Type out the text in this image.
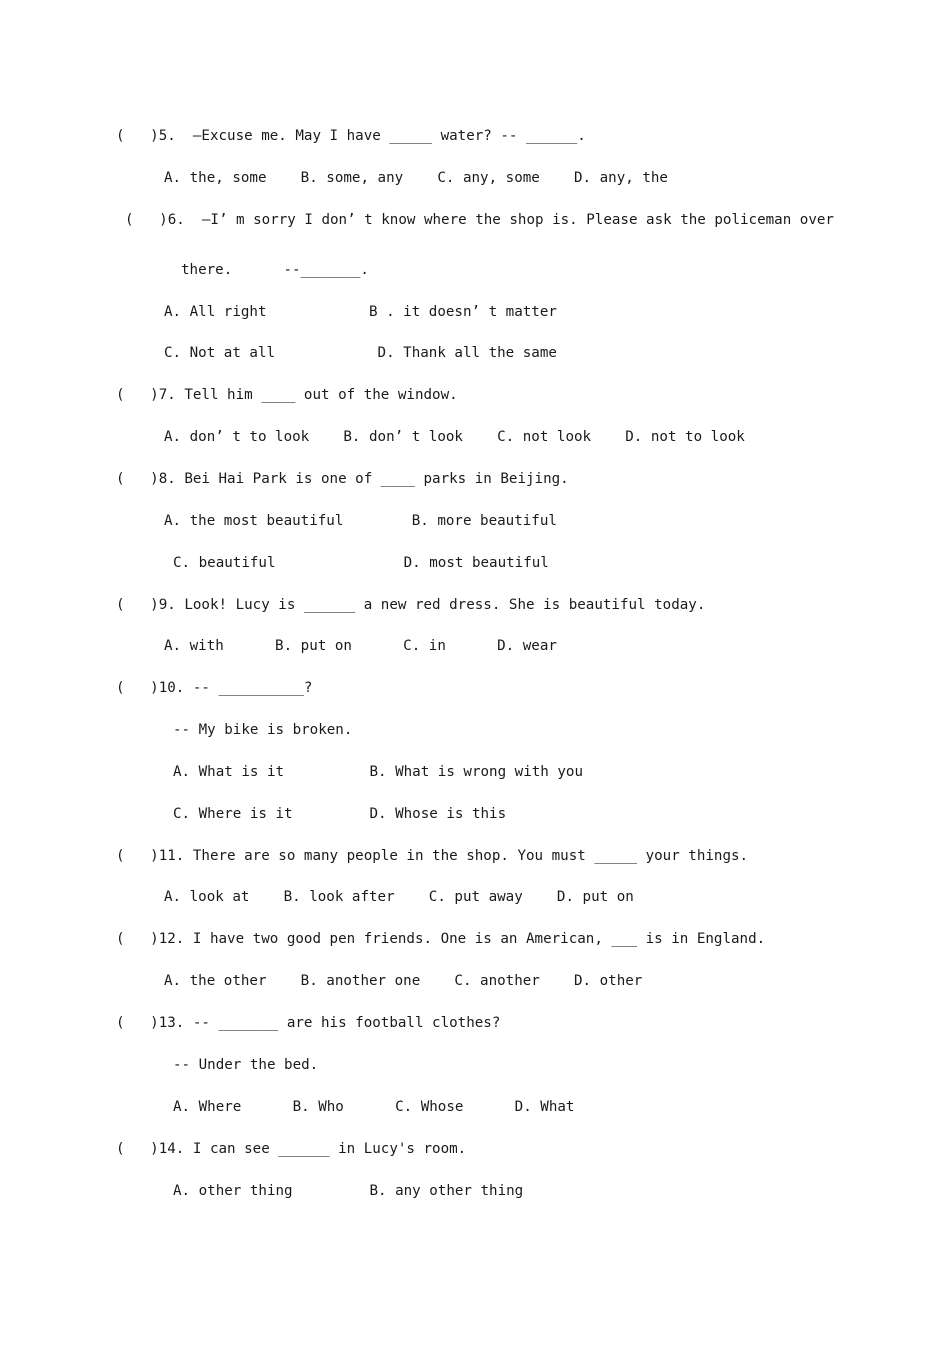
(   )5.  –Excuse me. May I have _____ water? -- ______.
A. the, some    B. some, any    C. any, some    D. any, the
(   )6.  –I’ m sorry I don’ t know where the shop is. Please ask the policeman over
there.      --_______.
A. All right            B . it doesn’ t matter
C. Not at all            D. Thank all the same
(   )7. Tell him ____ out of the window.
A. don’ t to look    B. don’ t look    C. not look    D. not to look
(   )8. Bei Hai Park is one of ____ parks in Beijing.
A. the most beautiful        B. more beautiful
C. beautiful               D. most beautiful
(   )9. Look! Lucy is ______ a new red dress. She is beautiful today.
A. with      B. put on      C. in      D. wear
(   )10. -- __________?
-- My bike is broken.
A. What is it          B. What is wrong with you
C. Where is it         D. Whose is this
(   )11. There are so many people in the shop. You must _____ your things.
A. look at    B. look after    C. put away    D. put on
(   )12. I have two good pen friends. One is an American, ___ is in England.
A. the other    B. another one    C. another    D. other
(   )13. -- _______ are his football clothes?
-- Under the bed.
A. Where      B. Who      C. Whose      D. What
(   )14. I can see ______ in Lucy's room.
A. other thing         B. any other thing
